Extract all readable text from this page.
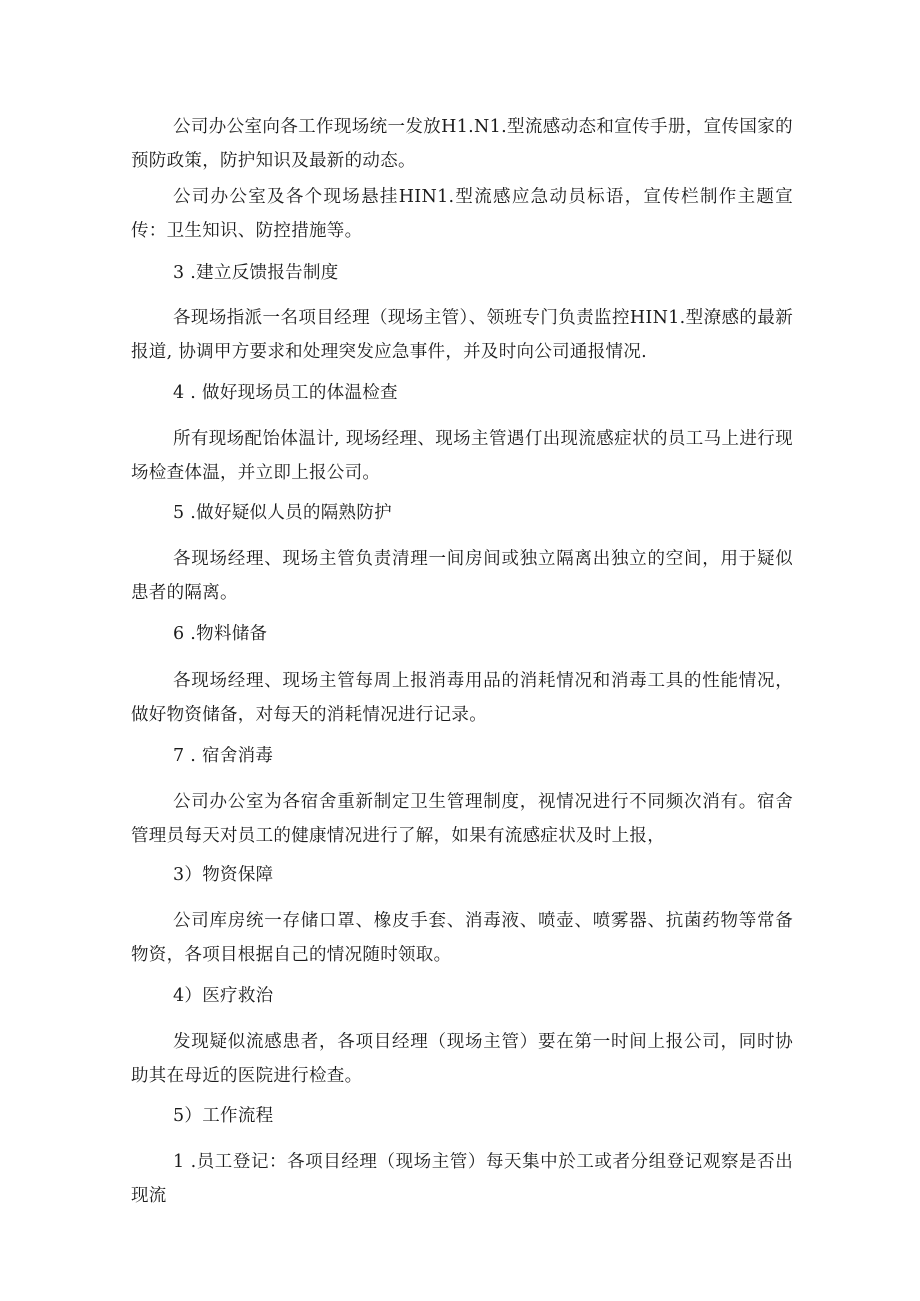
公司办公室向各工作现场统一发放H1.N1.型流感动态和宣传手册，宣传国家的预防政策，防护知识及最新的动态。
公司办公室及各个现场悬挂HIN1.型流感应急动员标语，宣传栏制作主题宣传：卫生知识、防控措施等。
3 .建立反馈报告制度
各现场指派一名项目经理（现场主管）、领班专门负责监控HIN1.型潦感的最新报道, 协调甲方要求和处理突发应急事件，并及时向公司通报情况.
4 . 做好现场员工的体温检查
所有现场配饴体温计, 现场经理、现场主管遇仃出现流感症状的员工马上进行现场检查体温，并立即上报公司。
5 .做好疑似人员的隔熟防护
各现场经理、现场主管负责清理一间房间或独立隔离出独立的空间，用于疑似患者的隔离。
6 .物料储备
各现场经理、现场主管每周上报消毒用品的消耗情况和消毒工具的性能情况，做好物资储备，对每天的消耗情况进行记录。
7 . 宿舍消毒
公司办公室为各宿舍重新制定卫生管理制度，视情况进行不同频次消有。宿舍管理员每天对员工的健康情况进行了解，如果有流感症状及时上报，
3）物资保障
公司库房统一存储口罩、橡皮手套、消毒液、喷壶、喷雾器、抗菌药物等常备物资，各项目根据自己的情况随时领取。
4）医疗救治
发现疑似流感患者，各项目经理（现场主管）要在第一时间上报公司，同时协助其在母近的医院进行检查。
5）工作流程
1 .员工登记：各项目经理（现场主管）每天集中於工或者分组登记观察是否出现流
